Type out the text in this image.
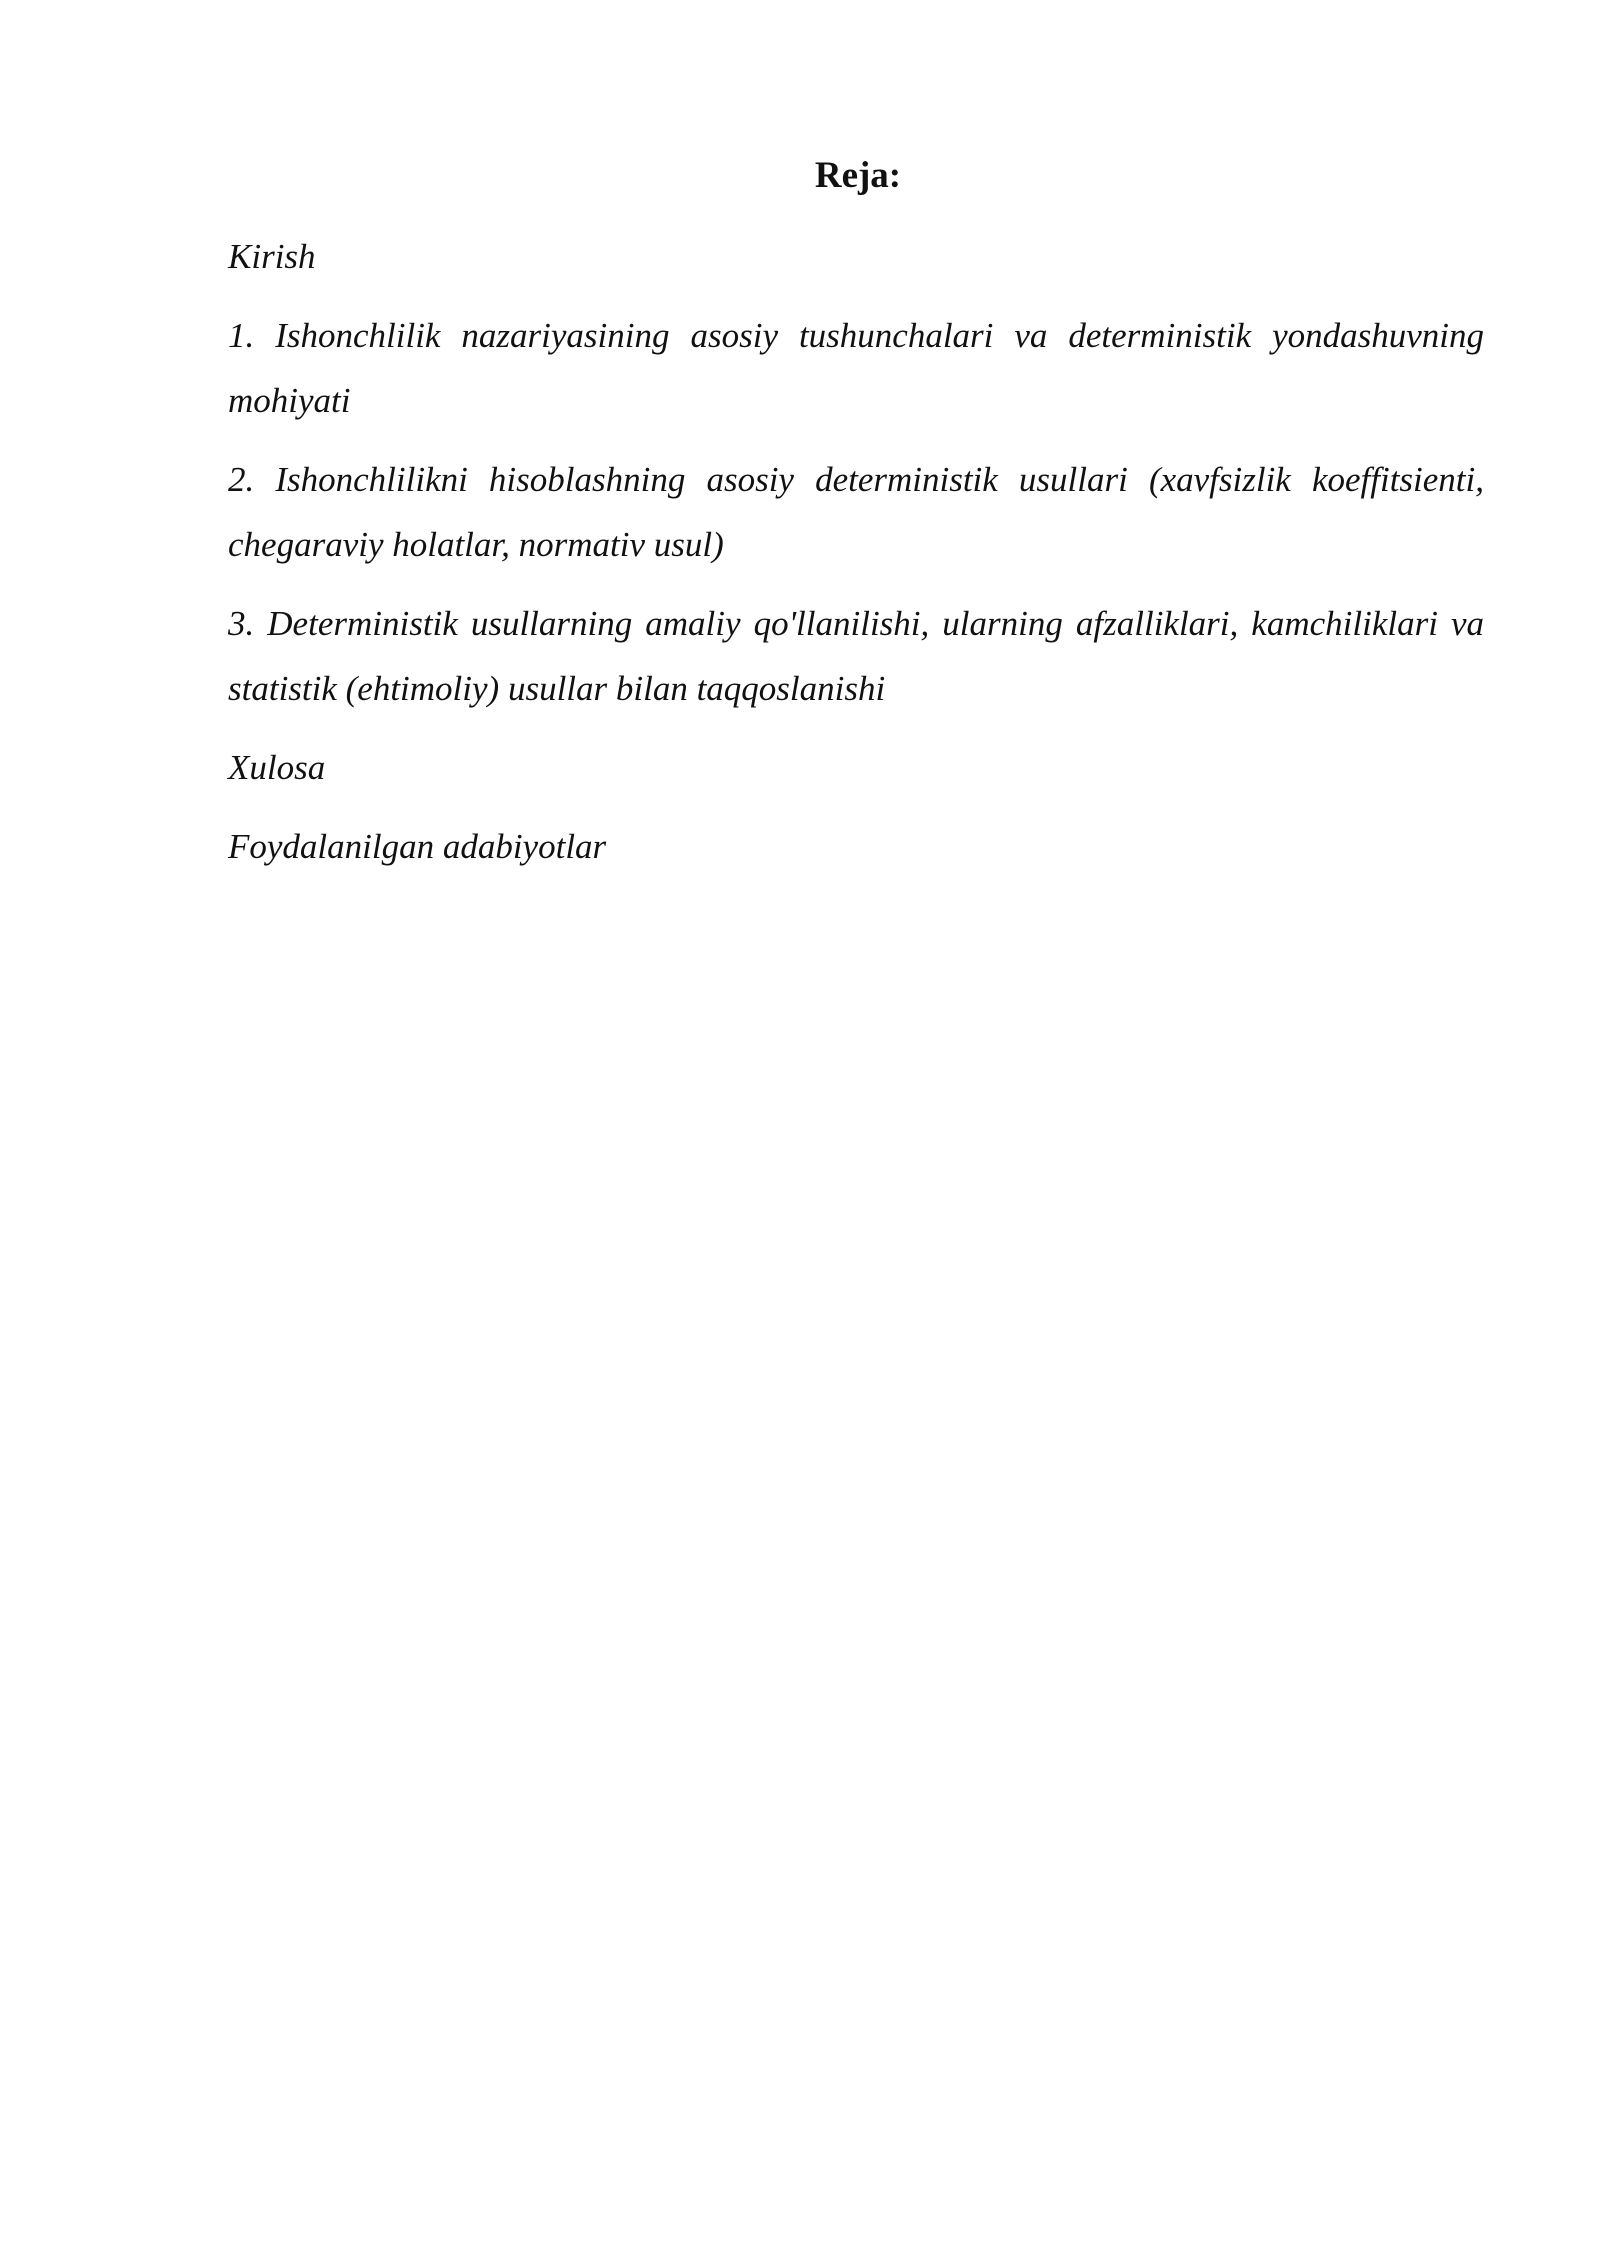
Reja:
Kirish
1. Ishonchlilik nazariyasining asosiy tushunchalari va deterministik yondashuvning mohiyati
2. Ishonchlilikni hisoblashning asosiy deterministik usullari (xavfsizlik koeffitsienti, chegaraviy holatlar, normativ usul)
3. Deterministik usullarning amaliy qo'llanilishi, ularning afzalliklari, kamchiliklari va statistik (ehtimoliy) usullar bilan taqqoslanishi
Xulosa
Foydalanilgan adabiyotlar
